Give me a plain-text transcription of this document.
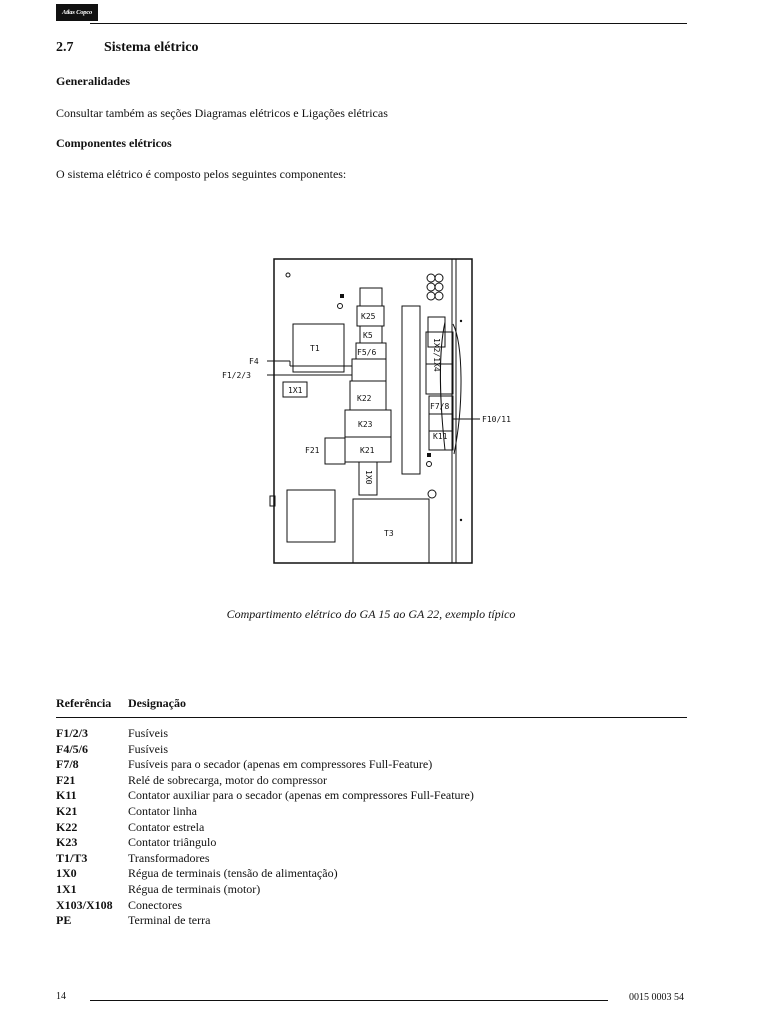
Atlas Copco
2.7 Sistema elétrico
Generalidades
Consultar também as seções Diagramas elétricos e Ligações elétricas
Componentes elétricos
O sistema elétrico é composto pelos seguintes componentes:
K25
K5
F5/6
T1
F4
F1/2/3
1X1
K22
K23
K21
F21
1X0
T3
1X2/1X4
F7/8
K11
F10/11
Compartimento elétrico do GA 15 ao GA 22, exemplo típico
Referência Designação
F1/2/3	Fusíveis
F4/5/6	Fusíveis
F7/8	Fusíveis para o secador (apenas em compressores Full-Feature)
F21	Relé de sobrecarga, motor do compressor
K11	Contator auxiliar para o secador (apenas em compressores Full-Feature)
K21	Contator linha
K22	Contator estrela
K23	Contator triângulo
T1/T3	Transformadores
1X0	Régua de terminais (tensão de alimentação)
1X1	Régua de terminais (motor)
X103/X108	Conectores
PE	Terminal de terra
14	0015 0003 54
